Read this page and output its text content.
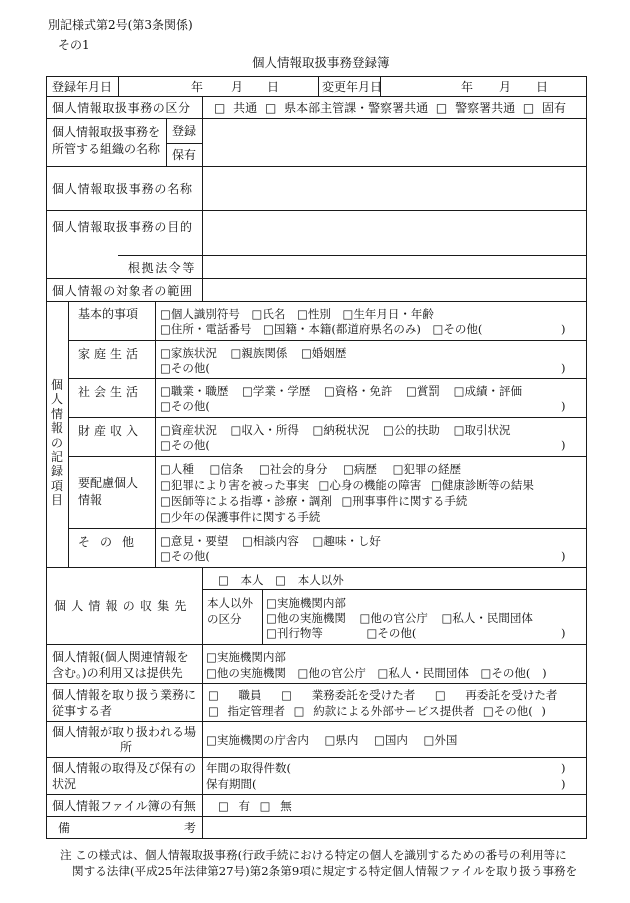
別記様式第2号(第3条関係)
その1
個人情報取扱事務登録簿
登録年月日	年 月 日	変更年月日	年 月 日
個人情報取扱事務の区分 □ 共通 □ 県本部主管課・警察署共通 □ 警察署共通 □ 固有
個人情報取扱事務を
所管する組織の名称
登録
保有
個人情報取扱事務の名称
個人情報取扱事務の目的
根拠法令等
個人情報の対象者の範囲
個人情報の記録項目
基本的事項 □個人識別符号 □氏名 □性別 □生年月日・年齢
□住所・電話番号 □国籍・本籍(都道府県名のみ) □その他(	)
家庭生活 □家族状況 □親族関係 □婚姻歴
□その他(	)
社会生活 □職業・職歴 □学業・学歴 □資格・免許 □賞罰 □成績・評価
□その他(	)
財産収入 □資産状況 □収入・所得 □納税状況 □公的扶助 □取引状況
□その他(	)
要配慮個人
情報
□人種 □信条 □社会的身分 □病歴 □犯罪の経歴
□犯罪により害を被った事実 □心身の機能の障害 □健康診断等の結果
□医師等による指導・診療・調剤 □刑事事件に関する手続
□少年の保護事件に関する手続
その他 □意見・要望 □相談内容 □趣味・し好
□その他(	)
個人情報の収集先
□ 本人 □ 本人以外
本人以外
の区分
□実施機関内部
□他の実施機関 □他の官公庁 □私人・民間団体
□刊行物等 □その他(	)
個人情報(個人関連情報を
含む。)の利用又は提供先
□実施機関内部
□他の実施機関 □他の官公庁 □私人・民間団体 □その他( )
個人情報を取り扱う業務に
従事する者
□ 職員 □ 業務委託を受けた者 □ 再委託を受けた者
□ 指定管理者 □ 約款による外部サービス提供者 □その他( )
個人情報が取り扱われる場
所	□実施機関の庁舎内 □県内 □国内 □外国
個人情報の取得及び保有の
状況
年間の取得件数(	)
保有期間(	)
個人情報ファイル簿の有無 □ 有 □ 無
備	考
注 この様式は、個人情報取扱事務(行政手続における特定の個人を識別するための番号の利用等に
関する法律(平成25年法律第27号)第2条第9項に規定する特定個人情報ファイルを取り扱う事務を
